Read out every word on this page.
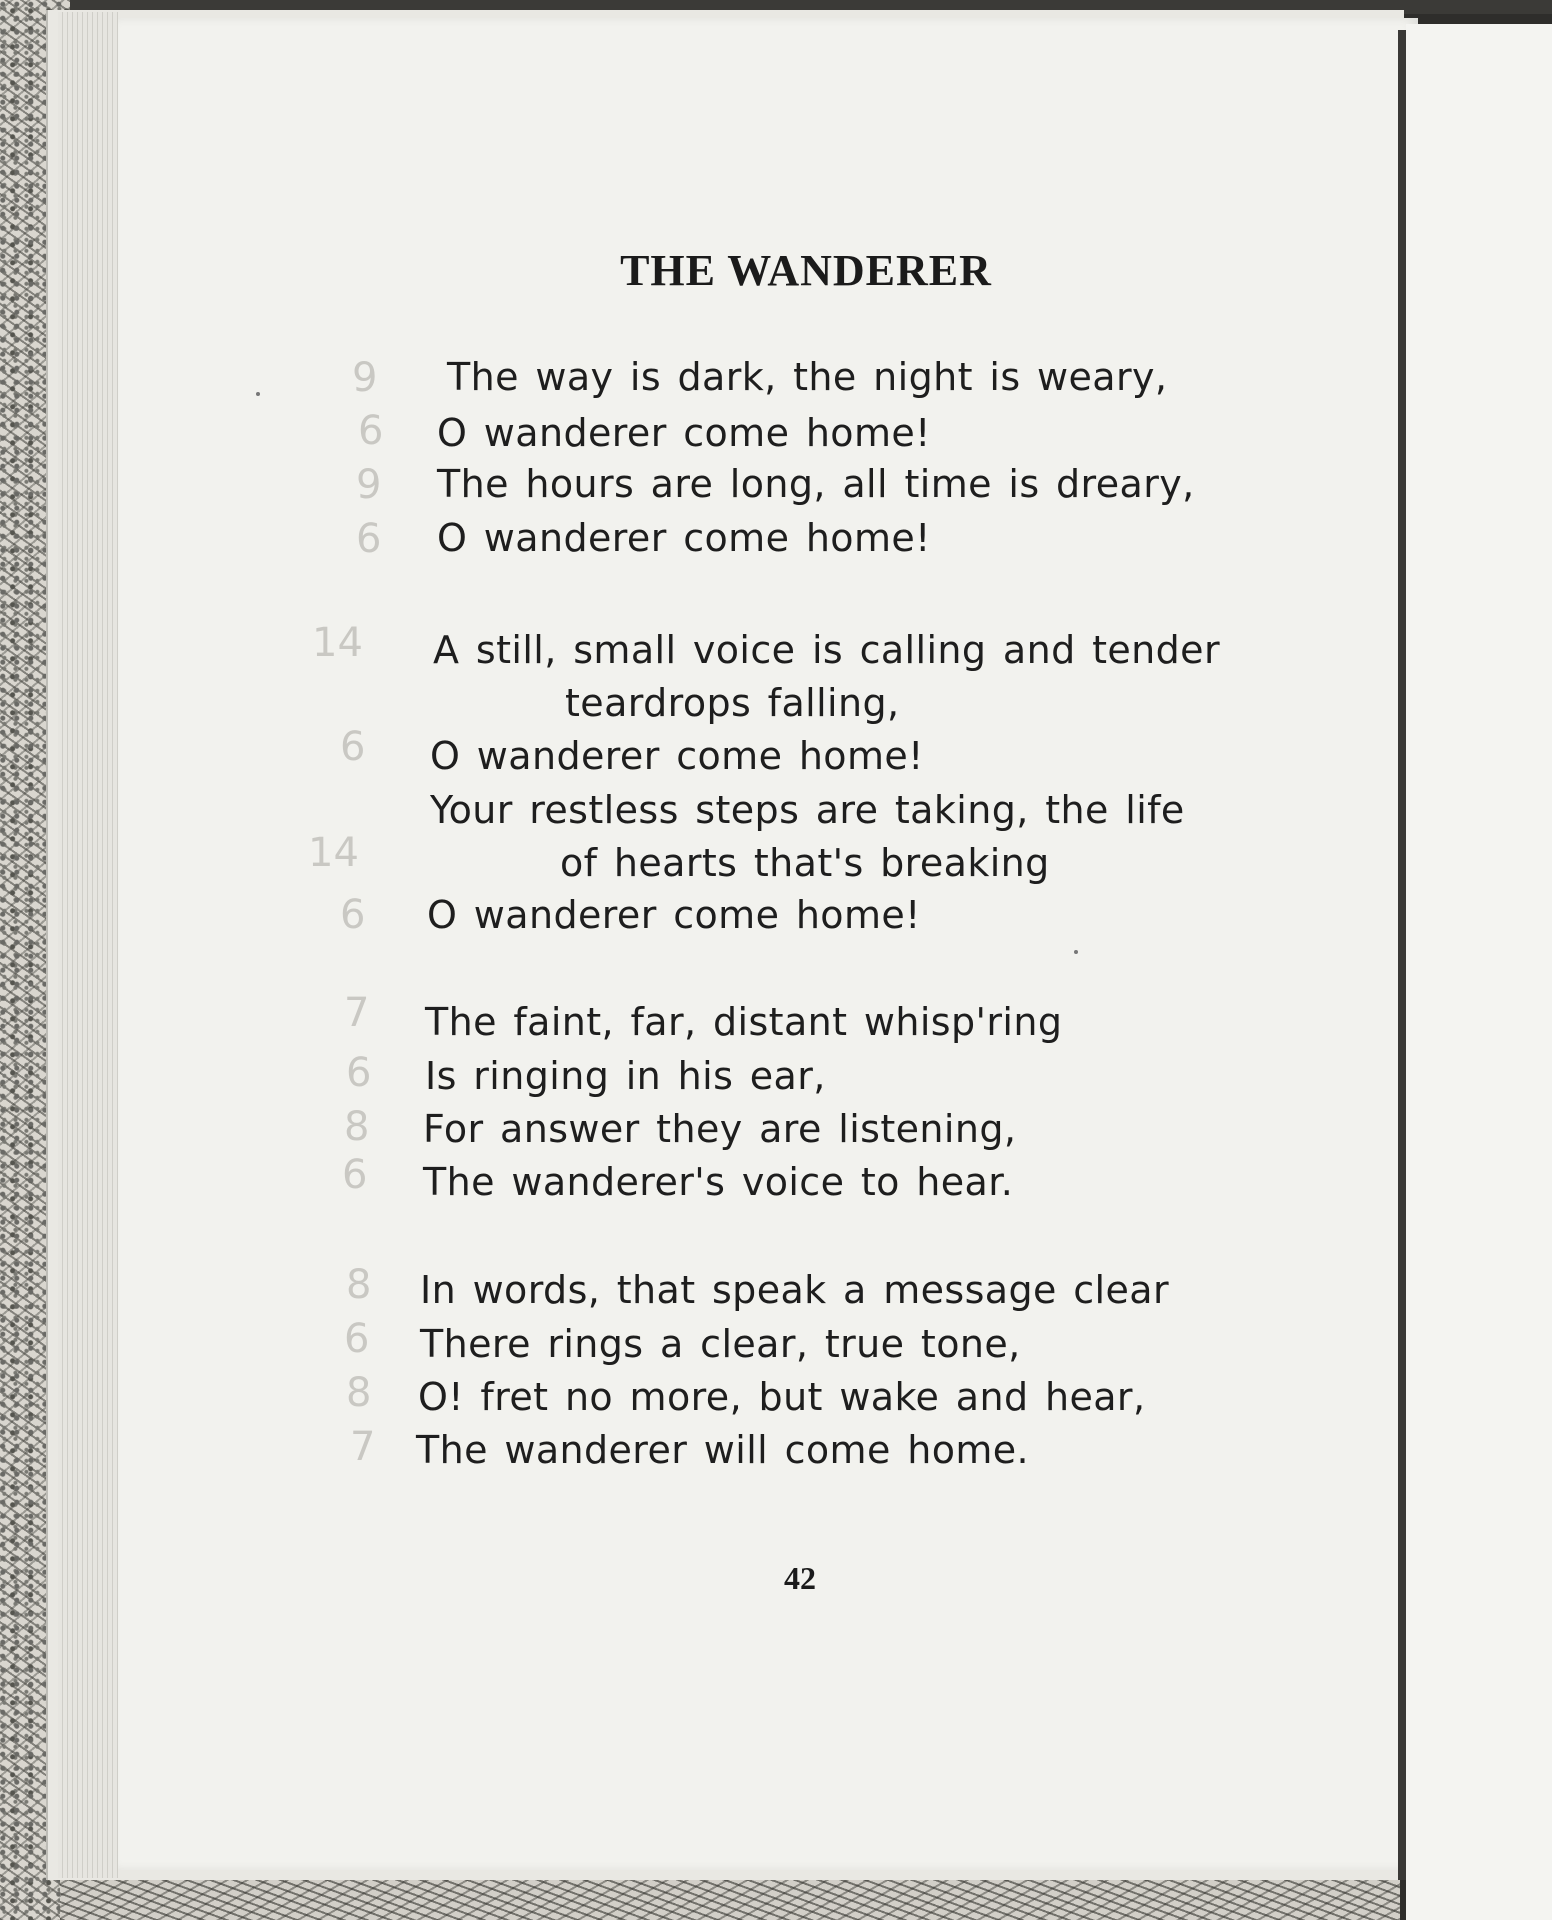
THE WANDERER

The way is dark, the night is weary,

O wanderer come home!

The hours are long, all time is dreary,

O wanderer come home!

A still, small voice is calling and tender

teardrops falling,

O wanderer come home!

Your restless steps are taking, the life

of hearts that's breaking

O wanderer come home!

The faint, far, distant whisp'ring

Is ringing in his ear,

For answer they are listening,

The wanderer's voice to hear.

In words, that speak a message clear

There rings a clear, true tone,

O! fret no more, but wake and hear,

The wanderer will come home.

9

6

9

6

14

6

14

6

7

6

8

6

8

6

8

7

42
